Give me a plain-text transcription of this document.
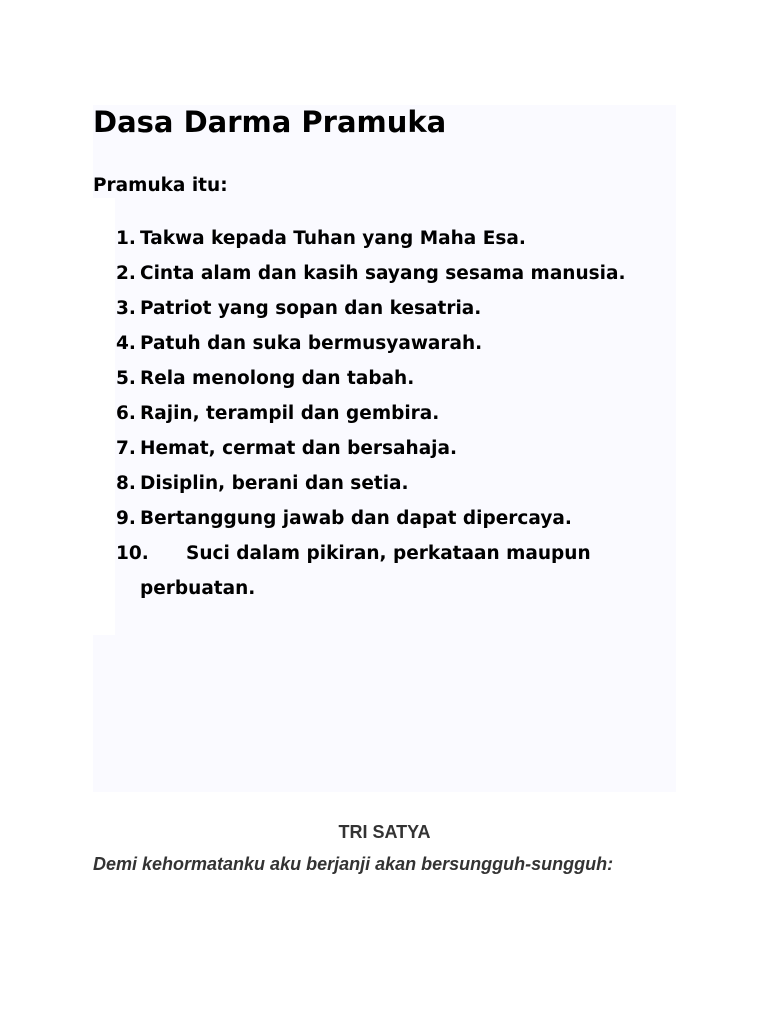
Dasa Darma Pramuka

Pramuka itu:

1. Takwa kepada Tuhan yang Maha Esa.
2. Cinta alam dan kasih sayang sesama manusia.
3. Patriot yang sopan dan kesatria.
4. Patuh dan suka bermusyawarah.
5. Rela menolong dan tabah.
6. Rajin, terampil dan gembira.
7. Hemat, cermat dan bersahaja.
8. Disiplin, berani dan setia.
9. Bertanggung jawab dan dapat dipercaya.
10.	Suci dalam pikiran, perkataan maupun perbuatan.
TRI SATYA

Demi kehormatanku aku berjanji akan bersungguh-sungguh:
